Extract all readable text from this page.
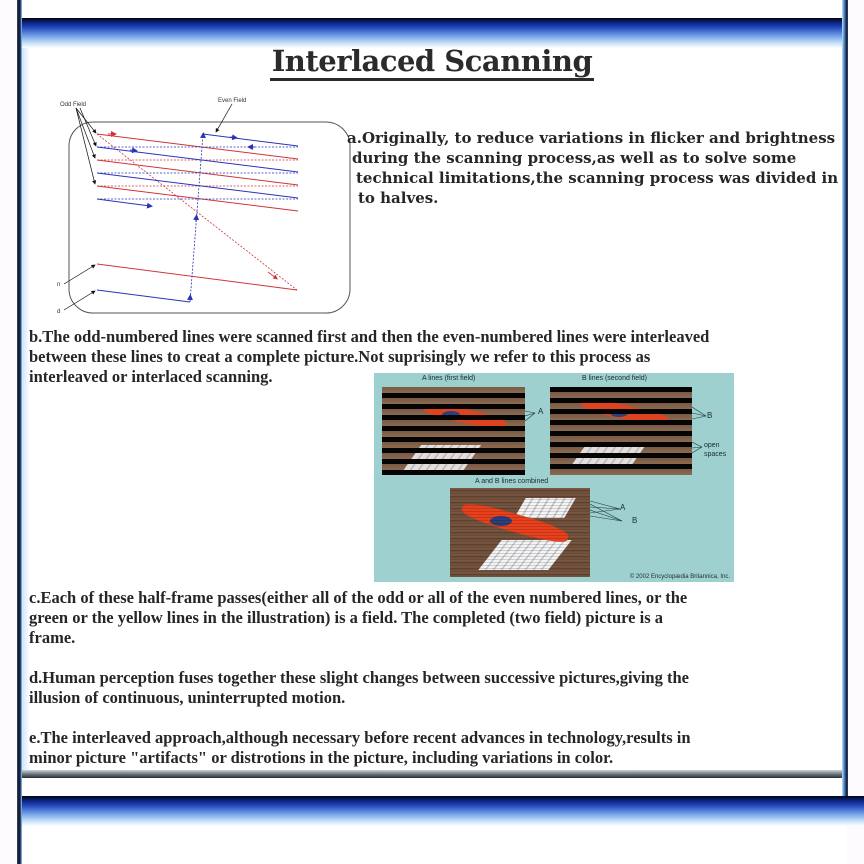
Interlaced Scanning
Odd Field
Even Field
n
d
a.Originally, to reduce variations in flicker and brightness
during the scanning process,as well as to solve some
technical limitations,the scanning process was divided in
to halves.
b.The odd-numbered lines were scanned first and then the even-numbered lines were interleaved
between these lines to creat a complete picture.Not suprisingly we refer to this process as
interleaved or interlaced scanning.	A lines (first field)	B lines (second field)
A	B
open spaces
A and B lines combined
A
B
© 2002 Encyclopædia Britannica, Inc.
c.Each of these half-frame passes(either all of the odd or all of the even numbered lines, or the
green or the yellow lines in the illustration) is a field. The completed (two field) picture is a
frame.
d.Human perception fuses together these slight changes between successive pictures,giving the
illusion of continuous, uninterrupted motion.
e.The interleaved approach,although necessary before recent advances in technology,results in
minor picture "artifacts" or distrotions in the picture, including variations in color.
